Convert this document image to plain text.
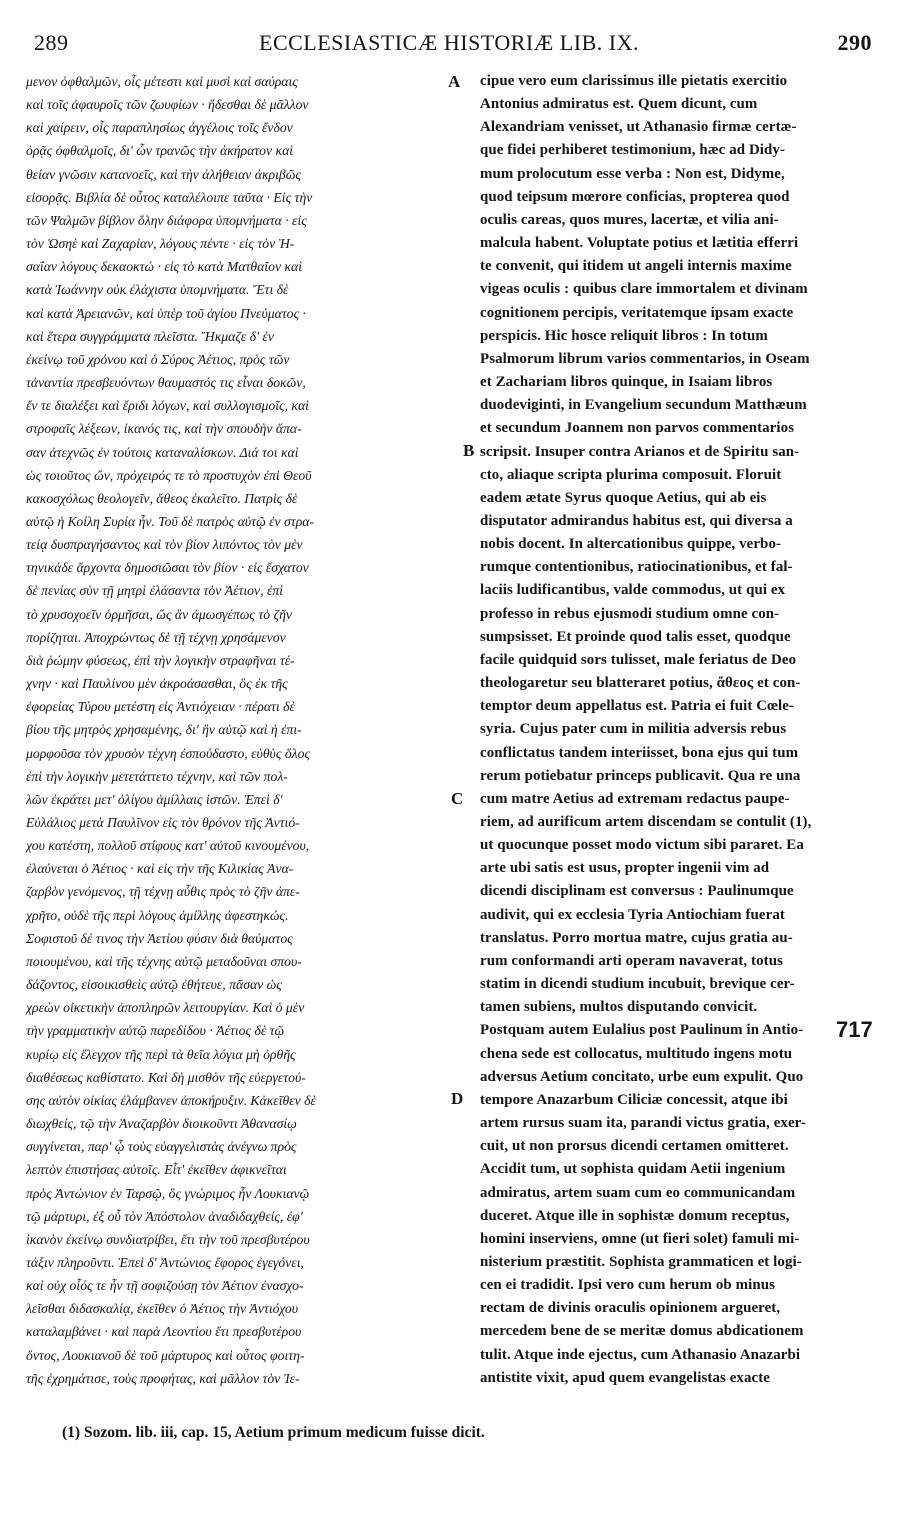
289	ECCLESIASTICÆ HISTORIÆ LIB. IX.	290
μενον ὀφθαλμῶν, οἷς μέτεστι καὶ μυσὶ καὶ σαύραις
καὶ τοῖς ἀφαυροῖς τῶν ζωυφίων · ἥδεσθαι δὲ μᾶλλον
καὶ χαίρειν, οἷς παραπλησίως ἀγγέλοις τοῖς ἔνδον
ὁρᾷς ὀφθαλμοῖς, δι' ὧν τρανῶς τὴν ἀκήρατον καὶ
θείαν γνῶσιν κατανοεῖς, καὶ τὴν ἀλήθειαν ἀκριβῶς
εἰσορᾷς. Βιβλία δὲ οὗτος καταλέλοιπε ταῦτα · Εἰς τὴν
τῶν Ψαλμῶν βίβλον ὅλην διάφορα ὑπομνήματα · εἰς
τὸν Ὡσηὲ καὶ Ζαχαρίαν, λόγους πέντε · εἰς τὸν Ἠ-
σαΐαν λόγους δεκαοκτώ · εἰς τὸ κατὰ Ματθαῖον καὶ
κατὰ Ἰωάννην οὐκ ἐλάχιστα ὑπομνήματα. Ἔτι δὲ
καὶ κατὰ Ἀρειανῶν, καὶ ὑπὲρ τοῦ ἁγίου Πνεύματος ·
καὶ ἕτερα συγγράμματα πλεῖστα. Ἤκμαζε δ' ἐν
ἐκείνῳ τοῦ χρόνου καὶ ὁ Σύρος Ἀέτιος, πρὸς τῶν
τἀναντία πρεσβευόντων θαυμαστός τις εἶναι δοκῶν,
ἔν τε διαλέξει καὶ ἔριδι λόγων, καὶ συλλογισμοῖς, καὶ
στροφαῖς λέξεων, ἱκανός τις, καὶ τὴν σπουδὴν ἅπα-
σαν ἀτεχνῶς ἐν τούτοις καταναλίσκων. Διά τοι καὶ
ὡς τοιοῦτος ὤν, πρόχειρός τε τὸ προστυχὸν ἐπὶ Θεοῦ
κακοσχόλως θεολογεῖν, ἄθεος ἐκαλεῖτο. Πατρὶς δὲ
αὐτῷ ἡ Κοίλη Συρία ἦν. Τοῦ δὲ πατρὸς αὐτῷ ἐν στρα-
τείᾳ δυσπραγήσαντος καὶ τὸν βίον λιπόντος τὸν μὲν
τηνικάδε ἄρχοντα δημοσιῶσαι τὸν βίον · εἰς ἔσχατον
δὲ πενίας σὺν τῇ μητρὶ ἐλάσαντα τὸν Ἀέτιον, ἐπὶ
τὸ χρυσοχοεῖν ὁρμῆσαι, ὥς ἂν ἀμωσγέπως τὸ ζῆν
πορίζηται. Ἀποχρώντως δὲ τῇ τέχνῃ χρησάμενον
διὰ ῥώμην φύσεως, ἐπὶ τὴν λογικὴν στραφῆναι τέ-
χνην · καὶ Παυλίνου μὲν ἀκροάσασθαι, ὃς ἐκ τῆς
ἐφορείας Τύρου μετέστη εἰς Ἀντιόχειαν · πέρατι δὲ
βίου τῆς μητρὸς χρησαμένης, δι' ἣν αὐτῷ καὶ ἡ ἐπι-
μορφοῦσα τὸν χρυσὸν τέχνη ἐσπούδαστο, εὐθὺς ὅλος
ἐπὶ τὴν λογικὴν μετετάττετο τέχνην, καὶ τῶν πολ-
λῶν ἐκράτει μετ' ὀλίγου ἁμίλλαις ἱστῶν. Ἐπεὶ δ'
Εὐλάλιος μετὰ Παυλῖνον εἰς τὸν θρόνον τῆς Ἀντιό-
χου κατέστη, πολλοῦ στίφους κατ' αὐτοῦ κινουμένου,
ἐλαύνεται ὁ Ἀέτιος · καὶ εἰς τὴν τῆς Κιλικίας Ἀνα-
ζαρβὸν γενόμενος, τῇ τέχνῃ αὖθις πρὸς τὸ ζῆν ἀπε-
χρῆτο, οὐδὲ τῆς περὶ λόγους ἁμίλλης ἀφεστηκώς.
Σοφιστοῦ δέ τινος τὴν Ἀετίου φύσιν διὰ θαύματος
ποιουμένου, καὶ τῆς τέχνης αὐτῷ μεταδοῦναι σπου-
δάζοντος, εἰσοικισθεὶς αὐτῷ ἐθήτευε, πᾶσαν ὡς
χρεὼν οἰκετικὴν ἀποπληρῶν λειτουργίαν. Καὶ ὁ μὲν
τὴν γραμματικὴν αὐτῷ παρεδίδου · Ἀέτιος δὲ τῷ
κυρίῳ εἰς ἔλεγχον τῆς περὶ τὰ θεῖα λόγια μὴ ὀρθῆς
διαθέσεως καθίστατο. Καὶ δὴ μισθὸν τῆς εὐεργετού-
σης αὐτὸν οἰκίας ἐλάμβανεν ἀποκήρυξιν. Κἀκεῖθεν δὲ
διωχθείς, τῷ τὴν Ἀναζαρβὸν διοικοῦντι Ἀθανασίῳ
συγγίνεται, παρ' ᾧ τοὺς εὐαγγελιστὰς ἀνέγνω πρὸς
λεπτὸν ἐπιστήσας αὐτοῖς. Εἶτ' ἐκεῖθεν ἀφικνεῖται
πρὸς Ἀντώνιον ἐν Ταρσῷ, ὃς γνώριμος ἦν Λουκιανῷ
τῷ μάρτυρι, ἐξ οὗ τὸν Ἀπόστολον ἀναδιδαχθείς, ἐφ'
ἱκανὸν ἐκείνῳ συνδιατρίβει, ἔτι τὴν τοῦ πρεσβυτέρου
τάξιν πληροῦντι. Ἐπεὶ δ' Ἀντώνιος ἔφορος ἐγεγόνει,
καὶ οὐχ οἷός τε ἦν τῇ σοφιζούσῃ τὸν Ἀέτιον ἐνασχο-
λεῖσθαι διδασκαλίᾳ, ἐκεῖθεν ὁ Ἀέτιος τὴν Ἀντιόχου
καταλαμβάνει · καὶ παρὰ Λεοντίου ἔτι πρεσβυτέρου
ὄντος, Λουκιανοῦ δὲ τοῦ μάρτυρος καὶ οὗτος φοιτη-
τῆς ἐχρημάτισε, τοὺς προφήτας, καὶ μᾶλλον τὸν Ἰε-
cipue vero eum clarissimus ille pietatis exercitio
Antonius admiratus est. Quem dicunt, cum
Alexandriam venisset, ut Athanasio firmæ certæ-
que fidei perhiberet testimonium, hæc ad Didy-
mum prolocutum esse verba : Non est, Didyme,
quod teipsum mœrore conficias, propterea quod
oculis careas, quos mures, lacertæ, et vilia ani-
malcula habent. Voluptate potius et lætitia efferri
te convenit, qui itidem ut angeli internis maxime
vigeas oculis : quibus clare immortalem et divinam
cognitionem percipis, veritatemque ipsam exacte
perspicis. Hic hosce reliquit libros : In totum
Psalmorum librum varios commentarios, in Oseam
et Zachariam libros quinque, in Isaiam libros
duodeviginti, in Evangelium secundum Matthæum
et secundum Joannem non parvos commentarios
scripsit. Insuper contra Arianos et de Spiritu san-
cto, aliaque scripta plurima composuit. Floruit
eadem ætate Syrus quoque Aetius, qui ab eis
disputator admirandus habitus est, qui diversa a
nobis docent. In altercationibus quippe, verbo-
rumque contentionibus, ratiocinationibus, et fal-
laciis ludificantibus, valde commodus, ut qui ex
professo in rebus ejusmodi studium omne con-
sumpsisset. Et proinde quod talis esset, quodque
facile quidquid sors tulisset, male feriatus de Deo
theologaretur seu blatteraret potius, ἄθεος et con-
temptor deum appellatus est. Patria ei fuit Cœle-
syria. Cujus pater cum in militia adversis rebus
conflictatus tandem interiisset, bona ejus qui tum
rerum potiebatur princeps publicavit. Qua re una
cum matre Aetius ad extremam redactus paupe-
riem, ad aurificum artem discendam se contulit (1),
ut quocunque posset modo victum sibi pararet. Ea
arte ubi satis est usus, propter ingenii vim ad
dicendi disciplinam est conversus : Paulinumque
audivit, qui ex ecclesia Tyria Antiochiam fuerat
translatus. Porro mortua matre, cujus gratia au-
rum conformandi arti operam navaverat, totus
statim in dicendi studium incubuit, brevique cer-
tamen subiens, multos disputando convicit.
Postquam autem Eulalius post Paulinum in Antio-
chena sede est collocatus, multitudo ingens motu
adversus Aetium concitato, urbe eum expulit. Quo
tempore Anazarbum Ciliciæ concessit, atque ibi
artem rursus suam ita, parandi victus gratia, exer-
cuit, ut non prorsus dicendi certamen omitteret.
Accidit tum, ut sophista quidam Aetii ingenium
admiratus, artem suam cum eo communicandam
duceret. Atque ille in sophistæ domum receptus,
homini inserviens, omne (ut fieri solet) famuli mi-
nisterium præstitit. Sophista grammaticen et logi-
cen ei tradidit. Ipsi vero cum herum ob minus
rectam de divinis oraculis opinionem argueret,
mercedem bene de se meritæ domus abdicationem
tulit. Atque inde ejectus, cum Athanasio Anazarbi
antistite vixit, apud quem evangelistas exacte
A
B
C
D
717
(1) Sozom. lib. iii, cap. 15, Aetium primum medicum fuisse dicit.
